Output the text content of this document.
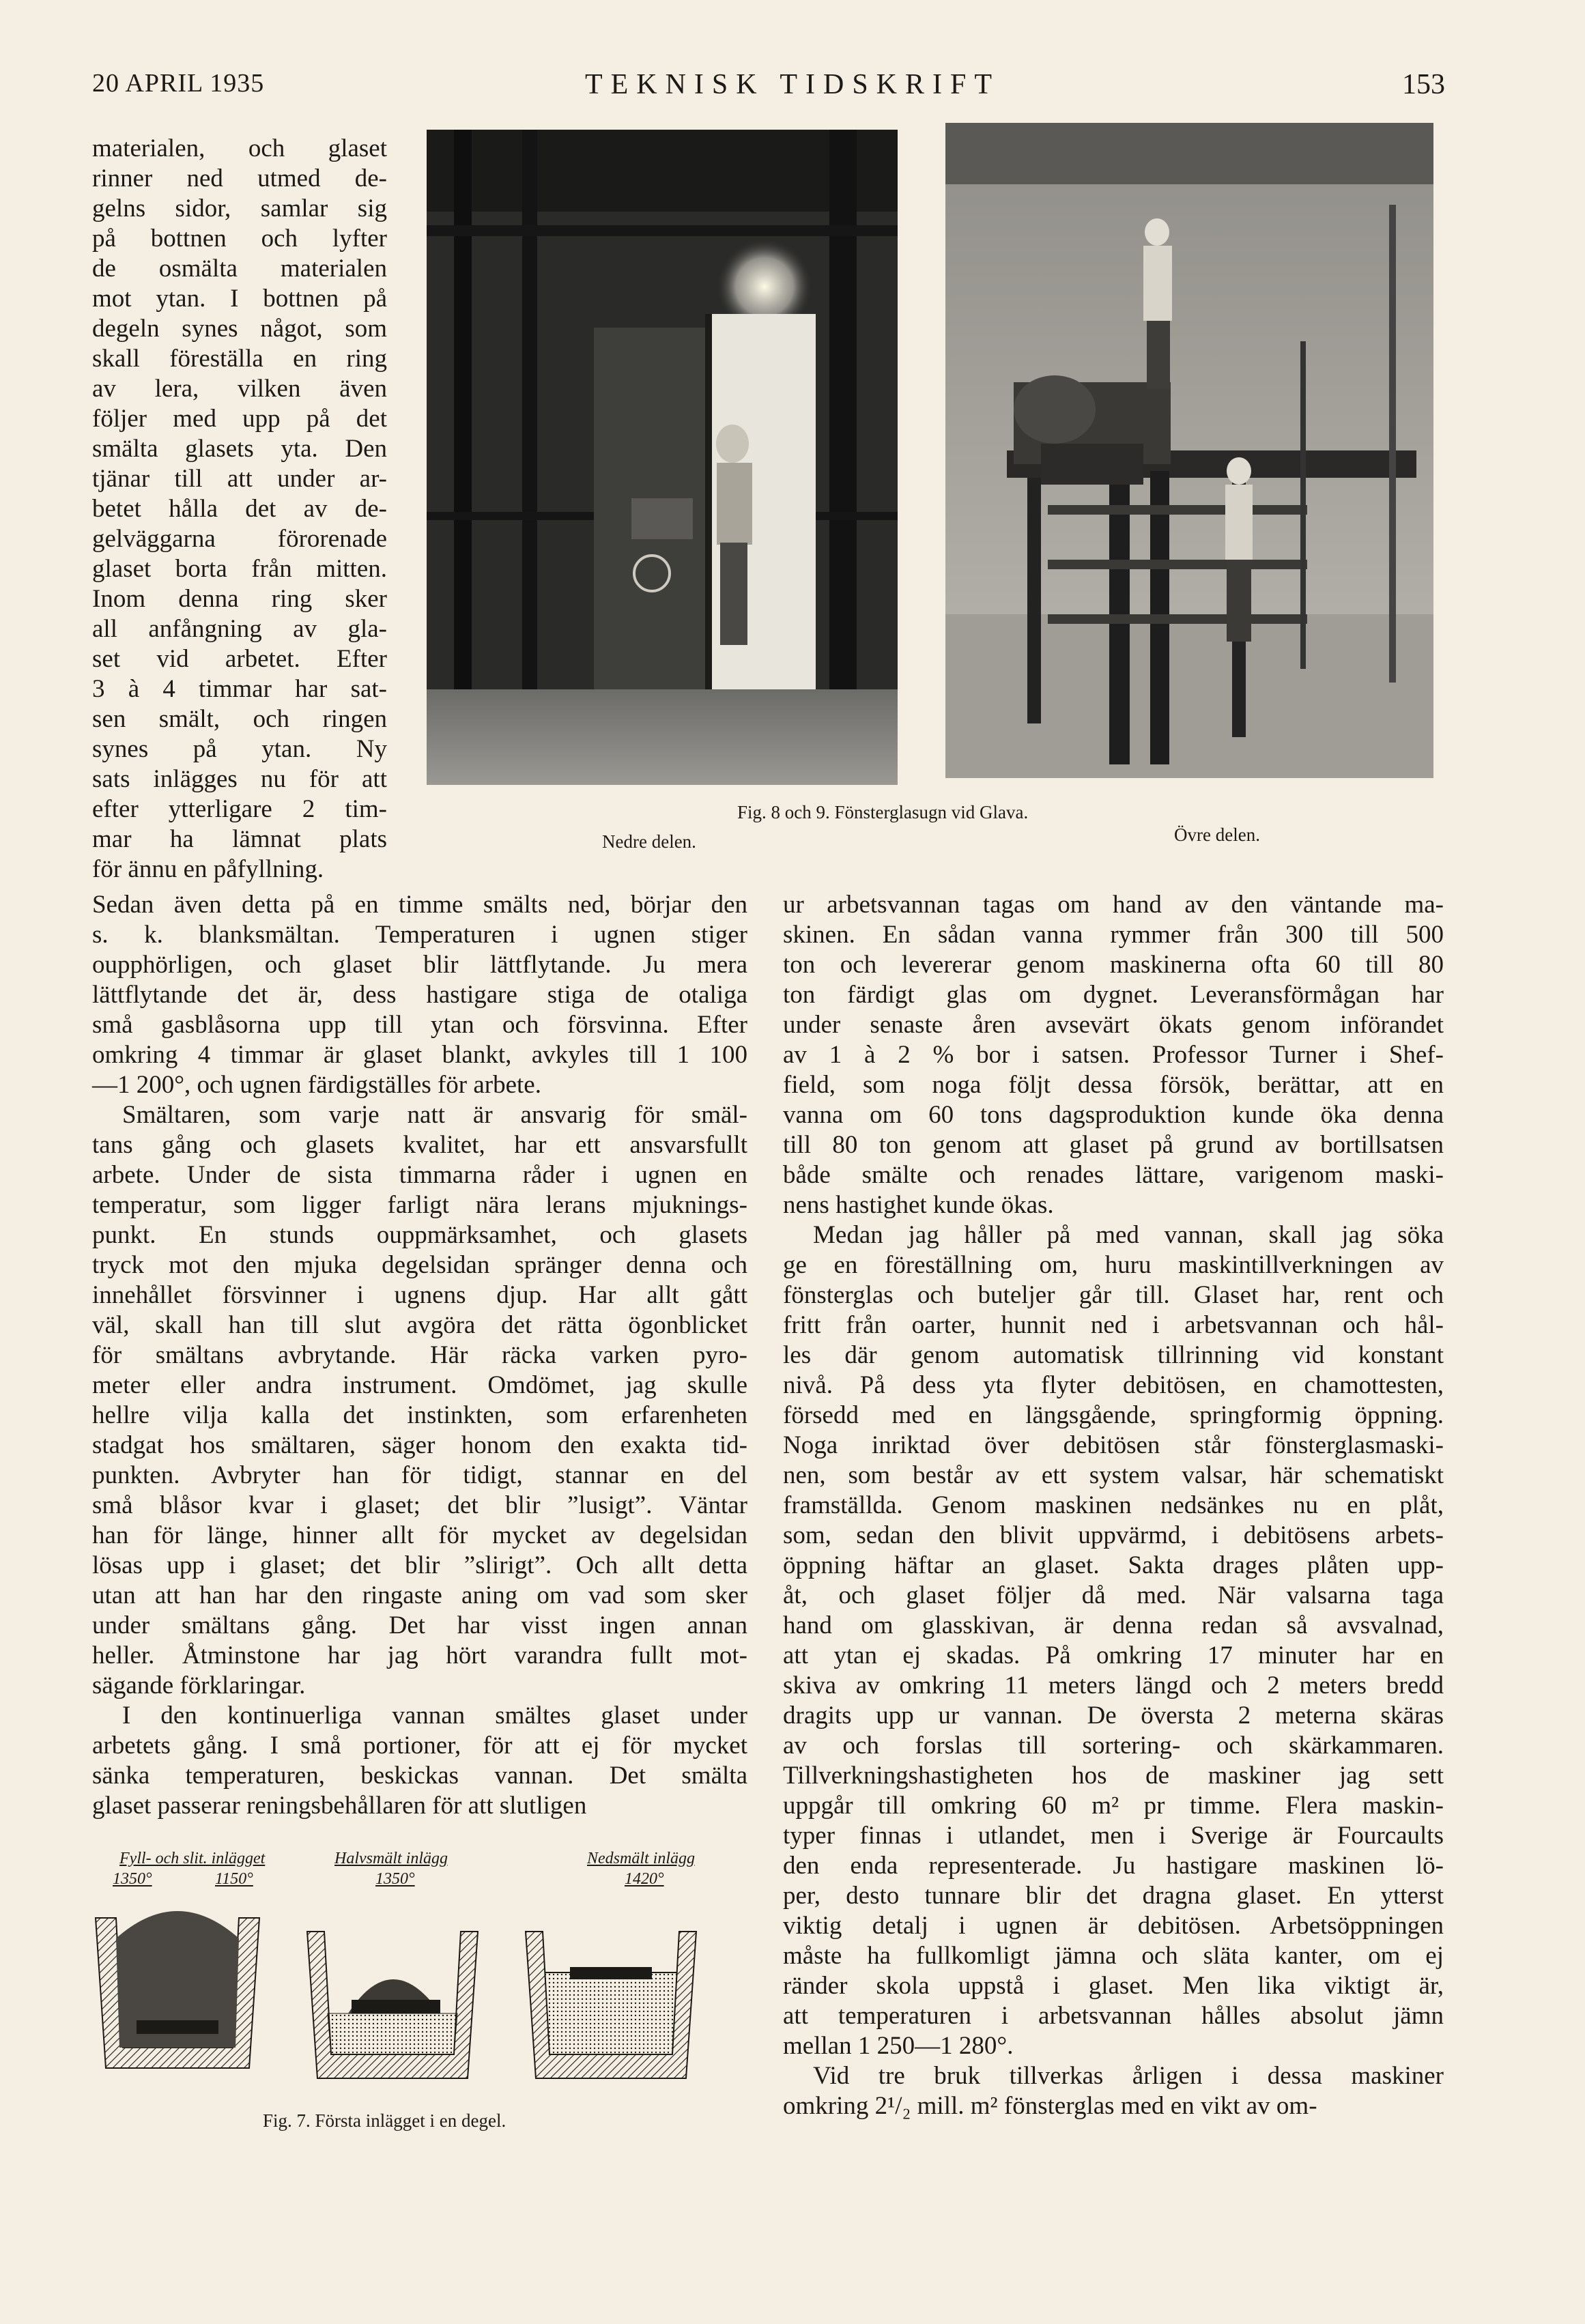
20 APRIL 1935	TEKNISK TIDSKRIFT	153
materialen, och glaset
rinner ned utmed de-
gelns sidor, samlar sig
på bottnen och lyfter
de osmälta materialen
mot ytan. I bottnen på
degeln synes något, som
skall föreställa en ring
av lera, vilken även
följer med upp på det
smälta glasets yta. Den
tjänar till att under ar-
betet hålla det av de-
gelväggarna förorenade
glaset borta från mitten.
Inom denna ring sker
all anfångning av gla-
set vid arbetet. Efter
3 à 4 timmar har sat-
sen smält, och ringen
synes på ytan. Ny
sats inlägges nu för att
efter ytterligare 2 tim-
mar ha lämnat plats
för ännu en påfyllning.
Sedan även detta på en timme smälts ned, börjar den
s. k. blanksmältan. Temperaturen i ugnen stiger
oupphörligen, och glaset blir lättflytande. Ju mera
lättflytande det är, dess hastigare stiga de otaliga
små gasblåsorna upp till ytan och försvinna. Efter
omkring 4 timmar är glaset blankt, avkyles till 1 100
—1 200°, och ugnen färdigställes för arbete.
Smältaren, som varje natt är ansvarig för smäl-
tans gång och glasets kvalitet, har ett ansvarsfullt
arbete. Under de sista timmarna råder i ugnen en
temperatur, som ligger farligt nära lerans mjuknings-
punkt. En stunds ouppmärksamhet, och glasets
tryck mot den mjuka degelsidan spränger denna och
innehållet försvinner i ugnens djup. Har allt gått
väl, skall han till slut avgöra det rätta ögonblicket
för smältans avbrytande. Här räcka varken pyro-
meter eller andra instrument. Omdömet, jag skulle
hellre vilja kalla det instinkten, som erfarenheten
stadgat hos smältaren, säger honom den exakta tid-
punkten. Avbryter han för tidigt, stannar en del
små blåsor kvar i glaset; det blir ”lusigt”. Väntar
han för länge, hinner allt för mycket av degelsidan
lösas upp i glaset; det blir ”slirigt”. Och allt detta
utan att han har den ringaste aning om vad som sker
under smältans gång. Det har visst ingen annan
heller. Åtminstone har jag hört varandra fullt mot-
sägande förklaringar.
I den kontinuerliga vannan smältes glaset under
arbetets gång. I små portioner, för att ej för mycket
sänka temperaturen, beskickas vannan. Det smälta
glaset passerar reningsbehållaren för att slutligen
ur arbetsvannan tagas om hand av den väntande ma-
skinen. En sådan vanna rymmer från 300 till 500
ton och levererar genom maskinerna ofta 60 till 80
ton färdigt glas om dygnet. Leveransförmågan har
under senaste åren avsevärt ökats genom införandet
av 1 à 2 % bor i satsen. Professor Turner i Shef-
field, som noga följt dessa försök, berättar, att en
vanna om 60 tons dagsproduktion kunde öka denna
till 80 ton genom att glaset på grund av bortillsatsen
både smälte och renades lättare, varigenom maski-
nens hastighet kunde ökas.
Medan jag håller på med vannan, skall jag söka
ge en föreställning om, huru maskintillverkningen av
fönsterglas och buteljer går till. Glaset har, rent och
fritt från oarter, hunnit ned i arbetsvannan och hål-
les där genom automatisk tillrinning vid konstant
nivå. På dess yta flyter debitösen, en chamottesten,
försedd med en längsgående, springformig öppning.
Noga inriktad över debitösen står fönsterglasmaski-
nen, som består av ett system valsar, här schematiskt
framställda. Genom maskinen nedsänkes nu en plåt,
som, sedan den blivit uppvärmd, i debitösens arbets-
öppning häftar an glaset. Sakta drages plåten upp-
åt, och glaset följer då med. När valsarna taga
hand om glasskivan, är denna redan så avsvalnad,
att ytan ej skadas. På omkring 17 minuter har en
skiva av omkring 11 meters längd och 2 meters bredd
dragits upp ur vannan. De översta 2 meterna skäras
av och forslas till sortering- och skärkammaren.
Tillverkningshastigheten hos de maskiner jag sett
uppgår till omkring 60 m² pr timme. Flera maskin-
typer finnas i utlandet, men i Sverige är Fourcaults
den enda representerade. Ju hastigare maskinen lö-
per, desto tunnare blir det dragna glaset. En ytterst
viktig detalj i ugnen är debitösen. Arbetsöppningen
måste ha fullkomligt jämna och släta kanter, om ej
ränder skola uppstå i glaset. Men lika viktigt är,
att temperaturen i arbetsvannan hålles absolut jämn
mellan 1 250—1 280°.
Vid tre bruk tillverkas årligen i dessa maskiner
omkring 2¹/₂ mill. m² fönsterglas med en vikt av om-
Fig. 8 och 9. Fönsterglasugn vid Glava.
Nedre delen.	Övre delen.
Fyll- och slit. inlägget
1350°	1150°
Halvsmält inlägg
1350°
Nedsmält inlägg
1420°
Fig. 7. Första inlägget i en degel.
